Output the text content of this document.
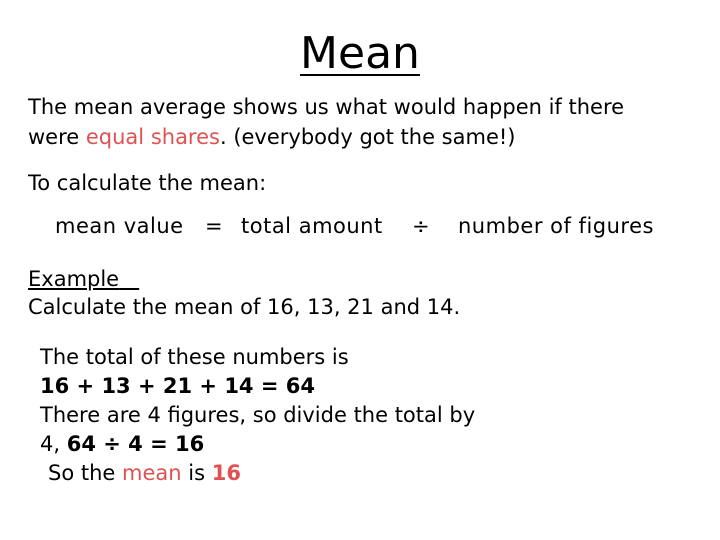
Mean
The mean average shows us what would happen if there
were equal shares. (everybody got the same!)
To calculate the mean:
mean value = total amount ÷ number of figures
Example
Calculate the mean of 16, 13, 21 and 14.
The total of these numbers is
16 + 13 + 21 + 14 = 64
There are 4 figures, so divide the total by
4, 64 ÷ 4 = 16
So the mean is 16
